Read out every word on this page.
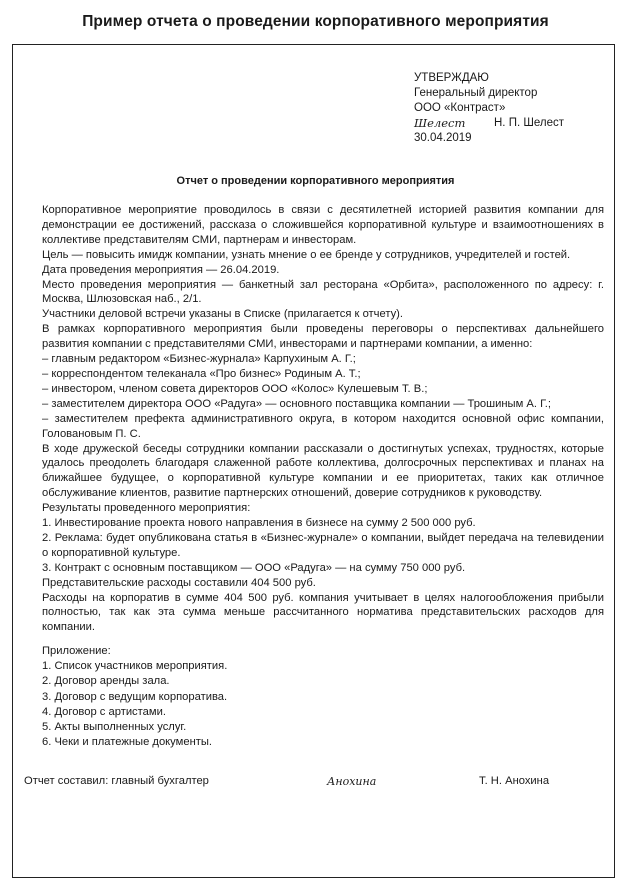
Пример отчета о проведении корпоративного мероприятия
УТВЕРЖДАЮ
Генеральный директор
ООО «Контраст»
Шелест	Н. П. Шелест
30.04.2019
Отчет о проведении корпоративного мероприятия

Корпоративное мероприятие проводилось в связи с десятилетней историей развития компании для демонстрации ее достижений, рассказа о сложившейся корпоративной культуре и взаимоотношениях в коллективе представителям СМИ, партнерам и инвесторам.

Цель — повысить имидж компании, узнать мнение о ее бренде у сотрудников, учредителей и гостей.

Дата проведения мероприятия — 26.04.2019.

Место проведения мероприятия — банкетный зал ресторана «Орбита», расположенного по адресу: г. Москва, Шлюзовская наб., 2/1.

Участники деловой встречи указаны в Списке (прилагается к отчету).

В рамках корпоративного мероприятия были проведены переговоры о перспективах дальнейшего развития компании с представителями СМИ, инвесторами и партнерами компании, а именно:

– главным редактором «Бизнес-журнала» Карпухиным А. Г.;

– корреспондентом телеканала «Про бизнес» Родиным А. Т.;

– инвестором, членом совета директоров ООО «Колос» Кулешевым Т. В.;

– заместителем директора ООО «Радуга» — основного поставщика компании — Трошиным А. Г.;

– заместителем префекта административного округа, в котором находится основной офис компании, Головановым П. С.

В ходе дружеской беседы сотрудники компании рассказали о достигнутых успехах, трудностях, которые удалось преодолеть благодаря слаженной работе коллектива, долгосрочных перспективах и планах на ближайшее будущее, о корпоративной культуре компании и ее приоритетах, таких как отличное обслуживание клиентов, развитие партнерских отношений, доверие сотрудников к руководству.

Результаты проведенного мероприятия:

1. Инвестирование проекта нового направления в бизнесе на сумму 2 500 000 руб.

2. Реклама: будет опубликована статья в «Бизнес-журнале» о компании, выйдет передача на телевидении о корпоративной культуре.

3. Контракт с основным поставщиком — ООО «Радуга» — на сумму 750 000 руб.

Представительские расходы составили 404 500 руб.

Расходы на корпоратив в сумме 404 500 руб. компания учитывает в целях налогообложения прибыли полностью, так как эта сумма меньше рассчитанного норматива представительских расходов для компании.

Приложение:

1. Список участников мероприятия.

2. Договор аренды зала.

3. Договор с ведущим корпоратива.

4. Договор с артистами.

5. Акты выполненных услуг.

6. Чеки и платежные документы.

Отчет составил: главный бухгалтер	Анохина	Т. Н. Анохина
